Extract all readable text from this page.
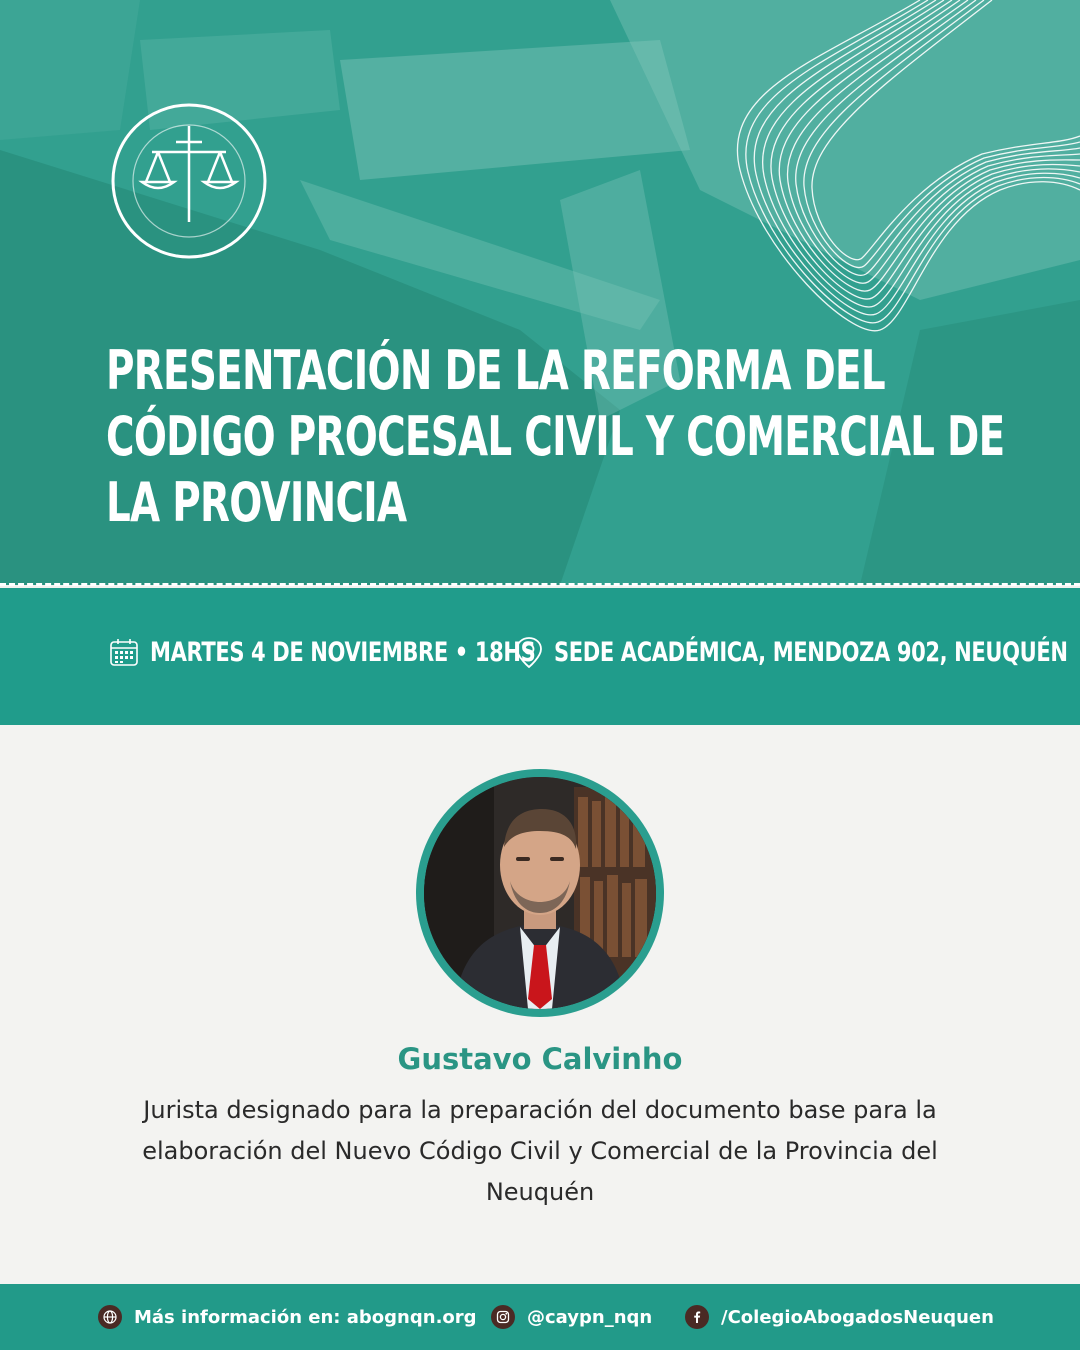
PRESENTACIÓN DE LA REFORMA DEL
CÓDIGO PROCESAL CIVIL Y COMERCIAL DE
LA PROVINCIA
MARTES 4 DE NOVIEMBRE • 18HS SEDE ACADÉMICA, MENDOZA 902, NEUQUÉN
Gustavo Calvinho

Jurista designado para la preparación del documento base para la elaboración del Nuevo Código Civil y Comercial de la Provincia del Neuquén

Más información en: abognqn.org	@caypn_nqn	/ColegioAbogadosNeuquen
